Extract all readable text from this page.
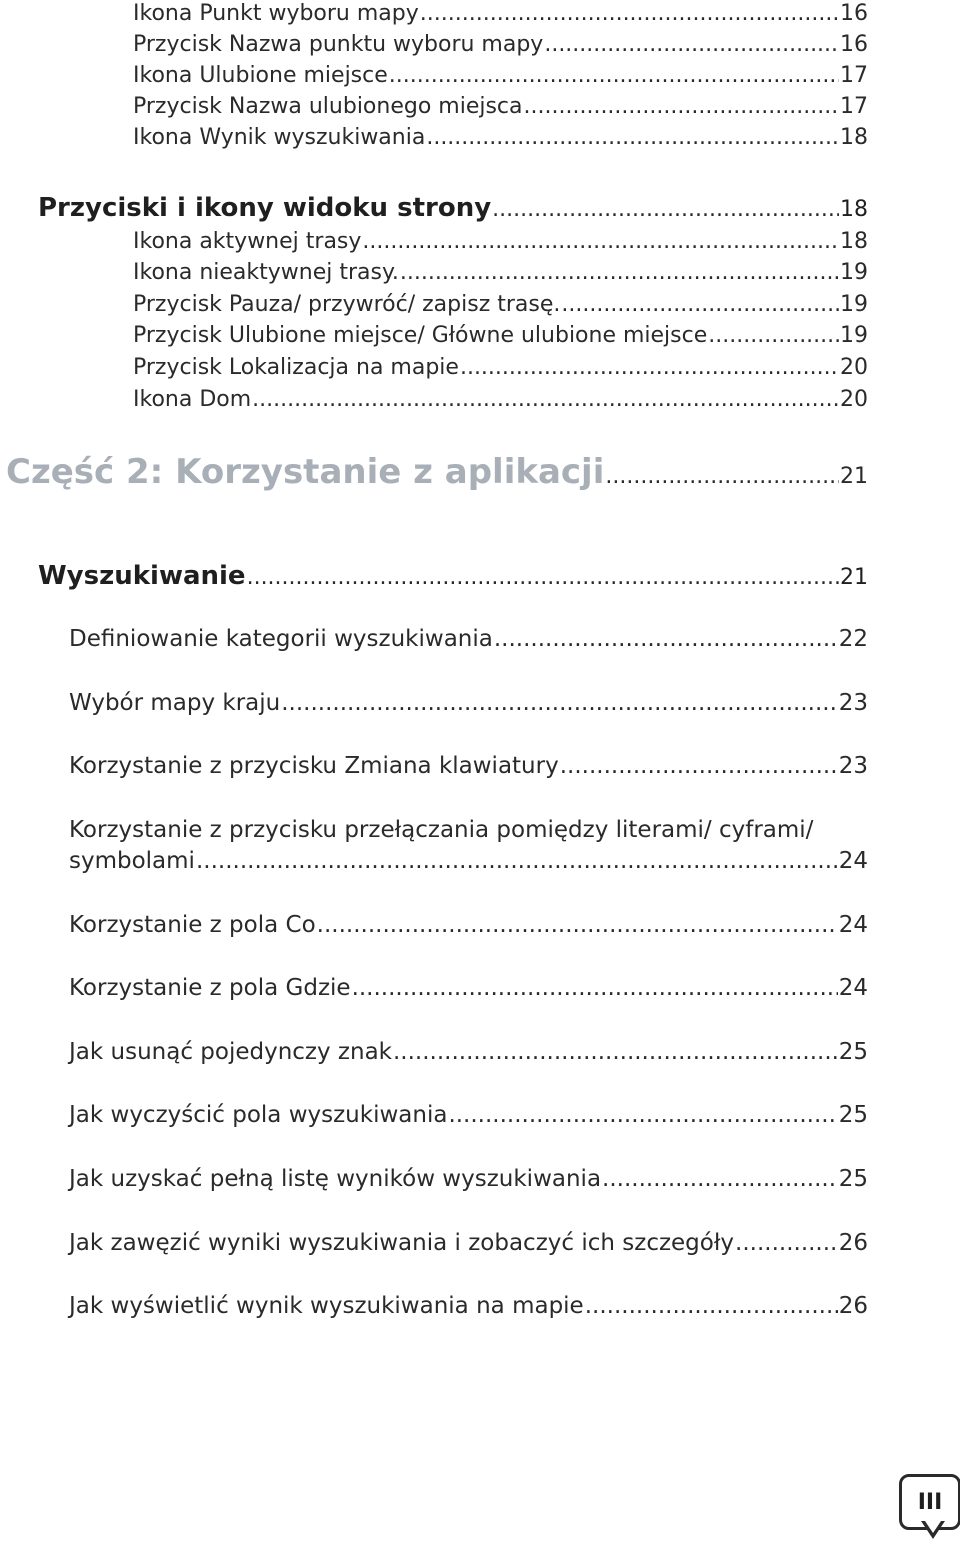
Ikona Punkt wyboru mapy .....	16
Przycisk Nazwa punktu wyboru mapy .....	16
Ikona Ulubione miejsce .....	17
Przycisk Nazwa ulubionego miejsca .....	17
Ikona Wynik wyszukiwania .....	18
Przyciski i ikony widoku strony .....	18
Ikona aktywnej trasy .....	18
Ikona nieaktywnej trasy. .....	19
Przycisk Pauza/ przywróć/ zapisz trasę. .....	19
Przycisk Ulubione miejsce/ Główne ulubione miejsce .....	19
Przycisk Lokalizacja na mapie .....	20
Ikona Dom .....	20
Część 2: Korzystanie z aplikacji .....	21
Wyszukiwanie .....	21
Definiowanie kategorii wyszukiwania .....	22
Wybór mapy kraju .....	23
Korzystanie z przycisku Zmiana klawiatury .....	23
Korzystanie z przycisku przełączania pomiędzy literami/ cyframi/
symbolami .....	24
Korzystanie z pola Co .....	24
Korzystanie z pola Gdzie .....	24
Jak usunąć pojedynczy znak .....	25
Jak wyczyścić pola wyszukiwania .....	25
Jak uzyskać pełną listę wyników wyszukiwania .....	25
Jak zawęzić wyniki wyszukiwania i zobaczyć ich szczegóły .....	26
Jak wyświetlić wynik wyszukiwania na mapie .....	26
III
